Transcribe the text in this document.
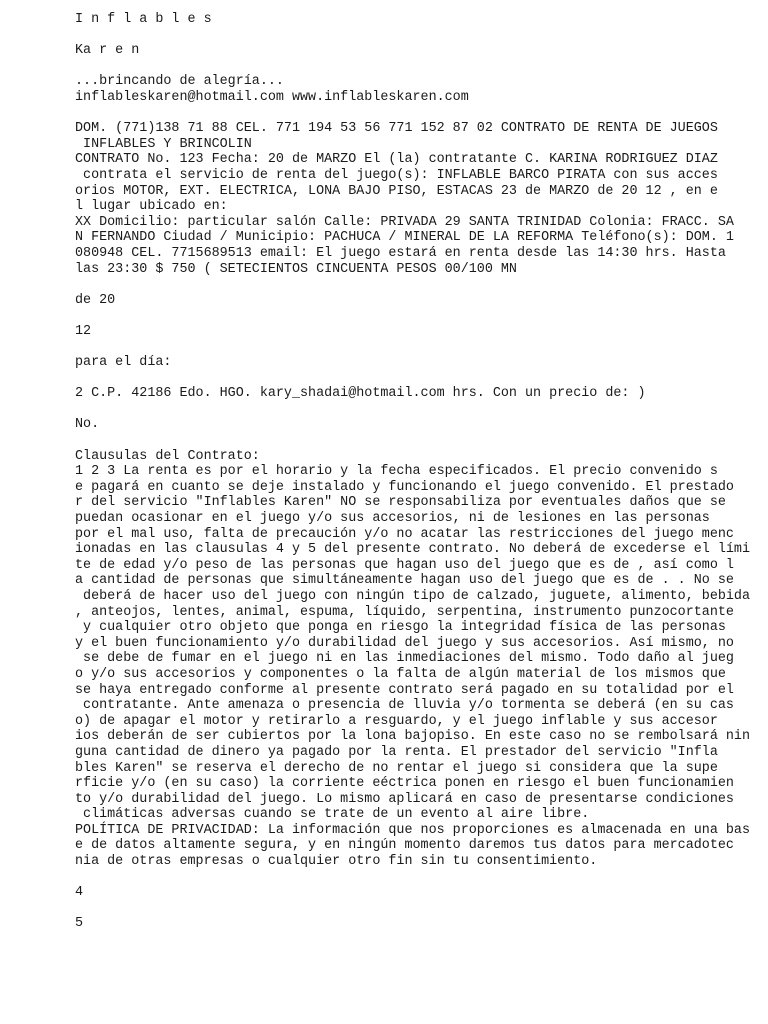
I n f l a b l e s
Ka r e n
...brincando de alegría...
inflableskaren@hotmail.com www.inflableskaren.com
DOM. (771)138 71 88 CEL. 771 194 53 56 771 152 87 02 CONTRATO DE RENTA DE JUEGOS
INFLABLES Y BRINCOLIN
CONTRATO No. 123 Fecha: 20 de MARZO El (la) contratante C. KARINA RODRIGUEZ DIAZ
contrata el servicio de renta del juego(s): INFLABLE BARCO PIRATA con sus acces
orios MOTOR, EXT. ELECTRICA, LONA BAJO PISO, ESTACAS 23 de MARZO de 20 12 , en e
l lugar ubicado en:
XX Domicilio: particular salón Calle: PRIVADA 29 SANTA TRINIDAD Colonia: FRACC. SA
N FERNANDO Ciudad / Municipio: PACHUCA / MINERAL DE LA REFORMA Teléfono(s): DOM. 1
080948 CEL. 7715689513 email: El juego estará en renta desde las 14:30 hrs. Hasta
las 23:30 $ 750 ( SETECIENTOS CINCUENTA PESOS 00/100 MN
de 20
12
para el día:
2 C.P. 42186 Edo. HGO. kary_shadai@hotmail.com hrs. Con un precio de: )
No.
Clausulas del Contrato:
1 2 3 La renta es por el horario y la fecha especificados. El precio convenido s
e pagará en cuanto se deje instalado y funcionando el juego convenido. El prestado
r del servicio "Inflables Karen" NO se responsabiliza por eventuales daños que se
puedan ocasionar en el juego y/o sus accesorios, ni de lesiones en las personas
por el mal uso, falta de precaución y/o no acatar las restricciones del juego menc
ionadas en las clausulas 4 y 5 del presente contrato. No deberá de excederse el lími
te de edad y/o peso de las personas que hagan uso del juego que es de , así como l
a cantidad de personas que simultáneamente hagan uso del juego que es de . . No se
deberá de hacer uso del juego con ningún tipo de calzado, juguete, alimento, bebida
, anteojos, lentes, animal, espuma, líquido, serpentina, instrumento punzocortante
y cualquier otro objeto que ponga en riesgo la integridad física de las personas
y el buen funcionamiento y/o durabilidad del juego y sus accesorios. Así mismo, no
se debe de fumar en el juego ni en las inmediaciones del mismo. Todo daño al jueg
o y/o sus accesorios y componentes o la falta de algún material de los mismos que
se haya entregado conforme al presente contrato será pagado en su totalidad por el
contratante. Ante amenaza o presencia de lluvia y/o tormenta se deberá (en su cas
o) de apagar el motor y retirarlo a resguardo, y el juego inflable y sus accesor
ios deberán de ser cubiertos por la lona bajopiso. En este caso no se rembolsará nin
guna cantidad de dinero ya pagado por la renta. El prestador del servicio "Infla
bles Karen" se reserva el derecho de no rentar el juego si considera que la supe
rficie y/o (en su caso) la corriente eéctrica ponen en riesgo el buen funcionamien
to y/o durabilidad del juego. Lo mismo aplicará en caso de presentarse condiciones
climáticas adversas cuando se trate de un evento al aire libre.
POLÍTICA DE PRIVACIDAD: La información que nos proporciones es almacenada en una bas
e de datos altamente segura, y en ningún momento daremos tus datos para mercadotec
nia de otras empresas o cualquier otro fin sin tu consentimiento.
4
5
